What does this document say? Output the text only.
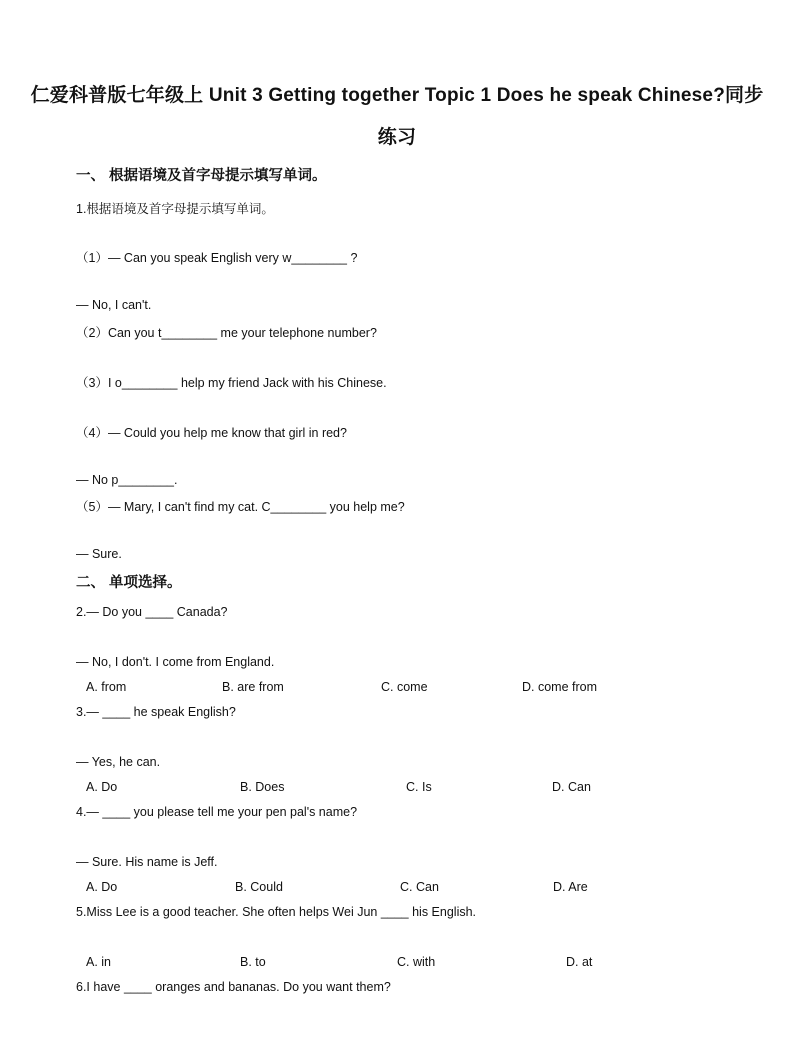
仁爱科普版七年级上 Unit 3 Getting together Topic 1 Does he speak Chinese?同步
练习
一、 根据语境及首字母提示填写单词。
1.根据语境及首字母提示填写单词。
（1）— Can you speak English very w________ ?
— No, I can't.
（2）Can you t________ me your telephone number?
（3）I o________ help my friend Jack with his Chinese.
（4）— Could you help me know that girl in red?
— No p________.
（5）— Mary, I can't find my cat. C________ you help me?
— Sure.
二、 单项选择。
2.— Do you ____ Canada?
— No, I don't. I come from England.
A. from	B. are from	C. come	D. come from
3.— ____ he speak English?
— Yes, he can.
A. Do	B. Does	C. Is	D. Can
4.— ____ you please tell me your pen pal's name?
— Sure. His name is Jeff.
A. Do	B. Could	C. Can	D. Are
5.Miss Lee is a good teacher. She often helps Wei Jun ____ his English.
A. in	B. to	C. with	D. at
6.I have ____ oranges and bananas. Do you want them?
